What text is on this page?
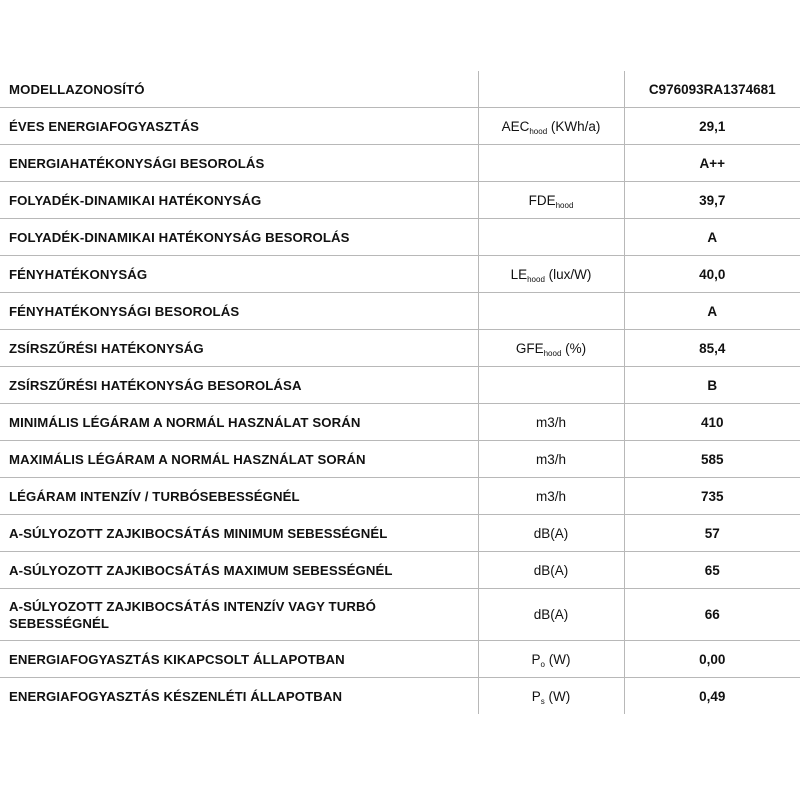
MODELLAZONOSÍTÓ		C976093RA1374681
ÉVES ENERGIAFOGYASZTÁS	$AEC_{hood}$ (KWh/a)	29,1
ENERGIAHATÉKONYSÁGI BESOROLÁS		A++
FOLYADÉK-DINAMIKAI HATÉKONYSÁG	$FDE_{hood}$	39,7
FOLYADÉK-DINAMIKAI HATÉKONYSÁG BESOROLÁS		A
FÉNYHATÉKONYSÁG	$LE_{hood}$ (lux/W)	40,0
FÉNYHATÉKONYSÁGI BESOROLÁS		A
ZSÍRSZŰRÉSI HATÉKONYSÁG	$GFE_{hood}$ (%)	85,4
ZSÍRSZŰRÉSI HATÉKONYSÁG BESOROLÁSA		B
MINIMÁLIS LÉGÁRAM A NORMÁL HASZNÁLAT SORÁN	m3/h	410
MAXIMÁLIS LÉGÁRAM A NORMÁL HASZNÁLAT SORÁN	m3/h	585
LÉGÁRAM INTENZÍV / TURBÓSEBESSÉGNÉL	m3/h	735
A-SÚLYOZOTT ZAJKIBOCSÁTÁS MINIMUM SEBESSÉGNÉL	dB(A)	57
A-SÚLYOZOTT ZAJKIBOCSÁTÁS MAXIMUM SEBESSÉGNÉL	dB(A)	65
A-SÚLYOZOTT ZAJKIBOCSÁTÁS INTENZÍV VAGY TURBÓ SEBESSÉGNÉL	dB(A)	66
ENERGIAFOGYASZTÁS KIKAPCSOLT ÁLLAPOTBAN	$P_o$ (W)	0,00
ENERGIAFOGYASZTÁS KÉSZENLÉTI ÁLLAPOTBAN	$P_s$ (W)	0,49
